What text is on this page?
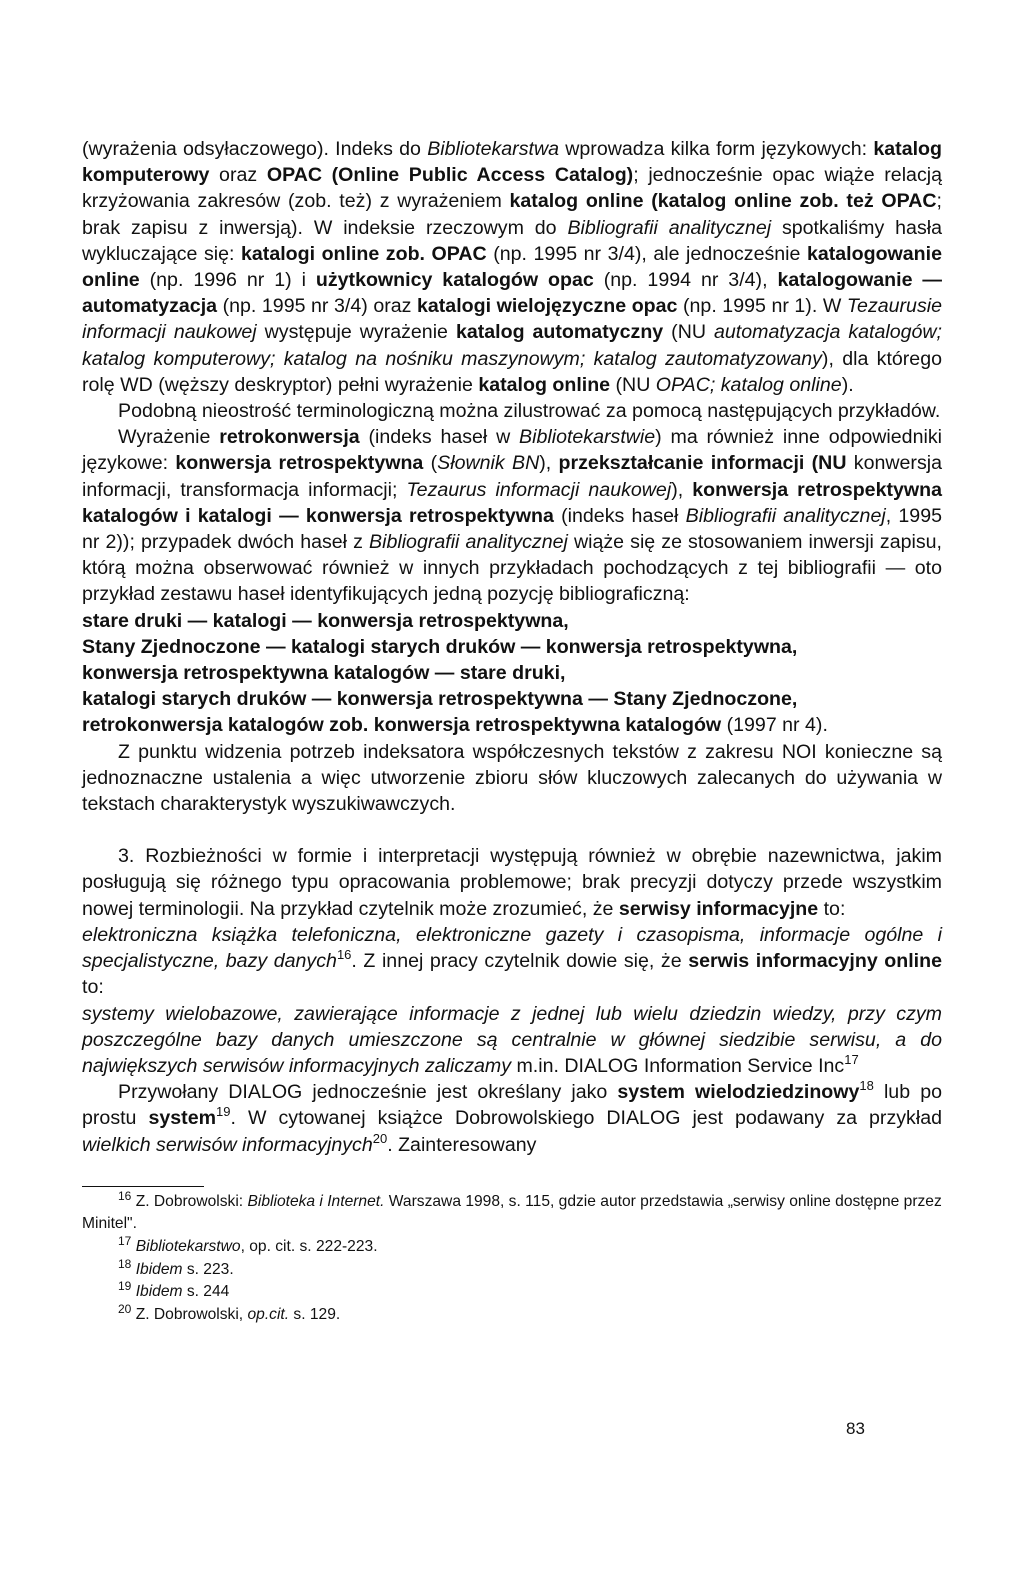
(wyrażenia odsyłaczowego). Indeks do Bibliotekarstwa wprowadza kilka form językowych: katalog komputerowy oraz OPAC (Online Public Access Catalog); jednocześnie opac wiąże relacją krzyżowania zakresów (zob. też) z wyrażeniem katalog online (katalog online zob. też OPAC; brak zapisu z inwersją). W indeksie rzeczowym do Bibliografii analitycznej spotkaliśmy hasła wykluczające się: katalogi online zob. OPAC (np. 1995 nr 3/4), ale jednocześnie katalogowanie online (np. 1996 nr 1) i użytkownicy katalogów opac (np. 1994 nr 3/4), katalogowanie — automatyzacja (np. 1995 nr 3/4) oraz katalogi wielojęzyczne opac (np. 1995 nr 1). W Tezaurusie informacji naukowej występuje wyrażenie katalog automatyczny (NU automatyzacja katalogów; katalog komputerowy; katalog na nośniku maszynowym; katalog zautomatyzowany), dla którego rolę WD (węższy deskryptor) pełni wyrażenie katalog online (NU OPAC; katalog online).

Podobną nieostrość terminologiczną można zilustrować za pomocą następujących przykładów.

Wyrażenie retrokonwersja (indeks haseł w Bibliotekarstwie) ma również inne odpowiedniki językowe: konwersja retrospektywna (Słownik BN), przekształcanie informacji (NU konwersja informacji, transformacja informacji; Tezaurus informacji naukowej), konwersja retrospektywna katalogów i katalogi — konwersja retrospektywna (indeks haseł Bibliografii analitycznej, 1995 nr 2)); przypadek dwóch haseł z Bibliografii analitycznej wiąże się ze stosowaniem inwersji zapisu, którą można obserwować również w innych przykładach pochodzących z tej bibliografii — oto przykład zestawu haseł identyfikujących jedną pozycję bibliograficzną:

stare druki — katalogi — konwersja retrospektywna,
Stany Zjednoczone — katalogi starych druków — konwersja retrospektywna,
konwersja retrospektywna katalogów — stare druki,
katalogi starych druków — konwersja retrospektywna — Stany Zjednoczone,
retrokonwersja katalogów zob. konwersja retrospektywna katalogów (1997 nr 4).

Z punktu widzenia potrzeb indeksatora współczesnych tekstów z zakresu NOI konieczne są jednoznaczne ustalenia a więc utworzenie zbioru słów kluczowych zalecanych do używania w tekstach charakterystyk wyszukiwawczych.

3. Rozbieżności w formie i interpretacji występują również w obrębie nazewnictwa, jakim posługują się różnego typu opracowania problemowe; brak precyzji dotyczy przede wszystkim nowej terminologii. Na przykład czytelnik może zrozumieć, że serwisy informacyjne to:

elektroniczna książka telefoniczna, elektroniczne gazety i czasopisma, informacje ogólne i specjalistyczne, bazy danych$^{16}$. Z innej pracy czytelnik dowie się, że serwis informacyjny online to:

systemy wielobazowe, zawierające informacje z jednej lub wielu dziedzin wiedzy, przy czym poszczególne bazy danych umieszczone są centralnie w głównej siedzibie serwisu, a do największych serwisów informacyjnych zaliczamy m.in. DIALOG Information Service Inc$^{17}$

Przywołany DIALOG jednocześnie jest określany jako system wielodziedzinowy$^{18}$ lub po prostu system$^{19}$. W cytowanej książce Dobrowolskiego DIALOG jest podawany za przykład wielkich serwisów informacyjnych$^{20}$. Zainteresowany

$^{16}$ Z. Dobrowolski: Biblioteka i Internet. Warszawa 1998, s. 115, gdzie autor przedstawia „serwisy online dostępne przez Minitel".

$^{17}$ Bibliotekarstwo, op. cit. s. 222-223.

$^{18}$ Ibidem s. 223.

$^{19}$ Ibidem s. 244

$^{20}$ Z. Dobrowolski, op.cit. s. 129.

83
